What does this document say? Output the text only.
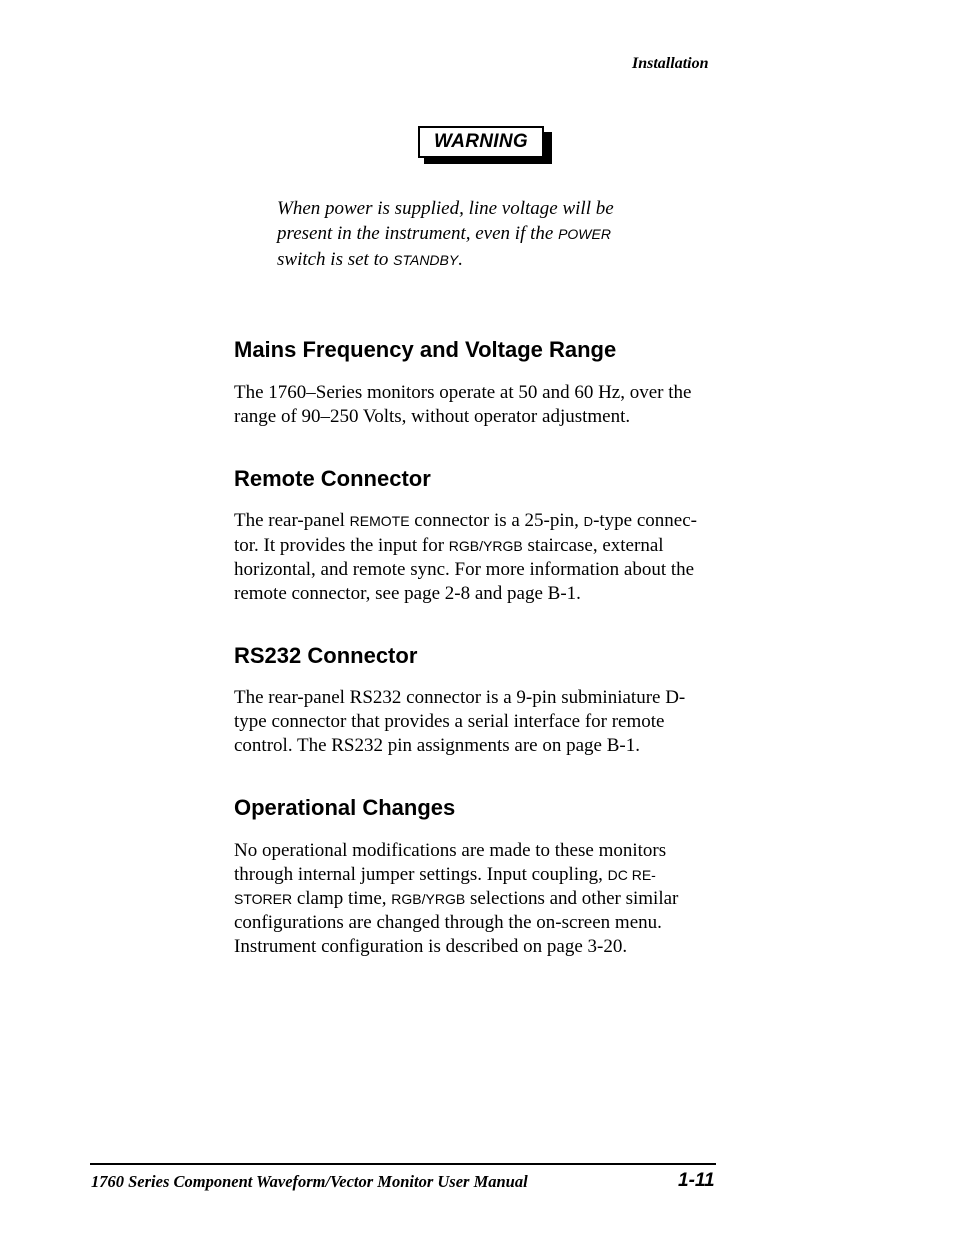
Installation
WARNING
When power is supplied, line voltage will be
present in the instrument, even if the POWER
switch is set to STANDBY.
Mains Frequency and Voltage Range

The 1760–Series monitors operate at 50 and 60 Hz, over the
range of 90–250 Volts, without operator adjustment.

Remote Connector

The rear-panel REMOTE connector is a 25-pin, D-type connec-
tor. It provides the input for RGB/YRGB staircase, external
horizontal, and remote sync. For more information about the
remote connector, see page 2-8 and page B-1.

RS232 Connector

The rear-panel RS232 connector is a 9-pin subminiature D-
type connector that provides a serial interface for remote
control. The RS232 pin assignments are on page B-1.

Operational Changes

No operational modifications are made to these monitors
through internal jumper settings. Input coupling, DC RE-
STORER clamp time, RGB/YRGB selections and other similar
configurations are changed through the on-screen menu.
Instrument configuration is described on page 3-20.

1760 Series Component Waveform/Vector Monitor User Manual	1-11
